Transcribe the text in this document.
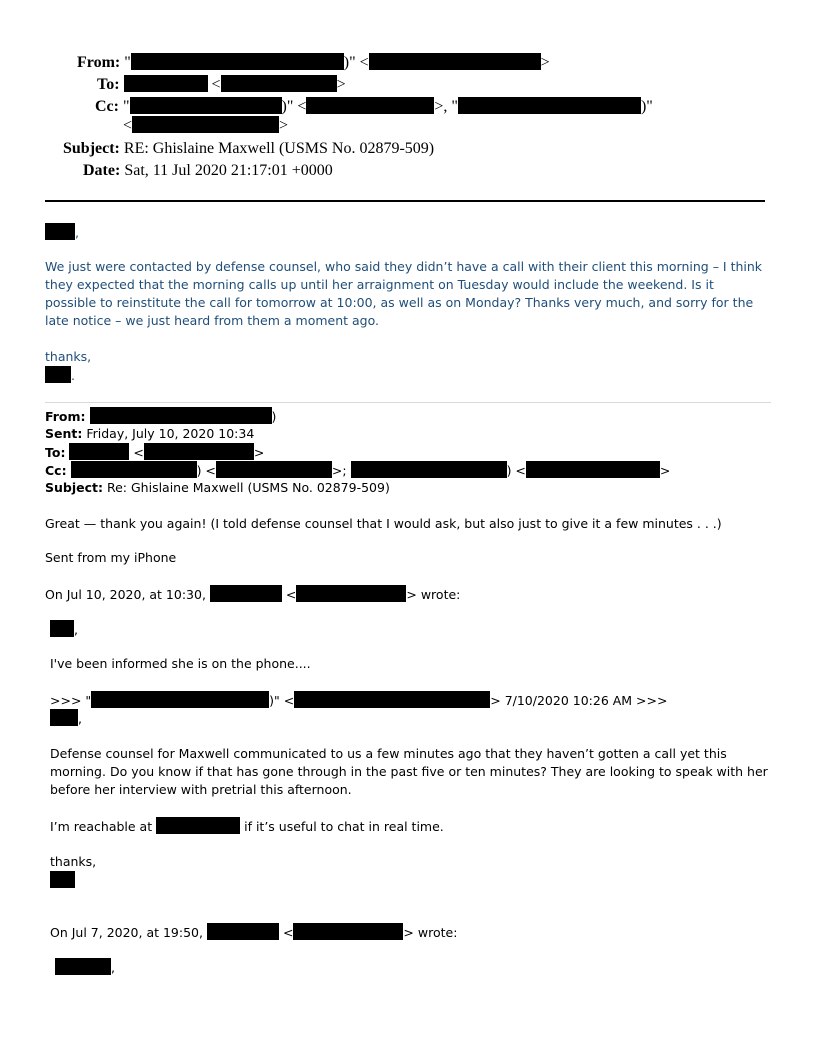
From: "	)" <	>
To:	<	>
Cc: "	)" <	>, "	)"
<	>
Subject: RE: Ghislaine Maxwell (USMS No. 02879-509)
Date: Sat, 11 Jul 2020 21:17:01 +0000
,
We just were contacted by defense counsel, who said they didn’t have a call with their client this morning – I think they expected that the morning calls up until her arraignment on Tuesday would include the weekend. Is it possible to reinstitute the call for tomorrow at 10:00, as well as on Monday? Thanks very much, and sorry for the late notice – we just heard from them a moment ago.
thanks,
.
From:	)
Sent: Friday, July 10, 2020 10:34
To:	<	>
Cc:	) <	>;	) <	>
Subject: Re: Ghislaine Maxwell (USMS No. 02879-509)
Great — thank you again! (I told defense counsel that I would ask, but also just to give it a few minutes . . .)
Sent from my iPhone
On Jul 10, 2020, at 10:30,	<	> wrote:
,
I've been informed she is on the phone....
>>> "	)" <	> 7/10/2020 10:26 AM >>>
,
Defense counsel for Maxwell communicated to us a few minutes ago that they haven’t gotten a call yet this morning. Do you know if that has gone through in the past five or ten minutes? They are looking to speak with her before her interview with pretrial this afternoon.
I’m reachable at	if it’s useful to chat in real time.
thanks,
On Jul 7, 2020, at 19:50,	<	> wrote:
,
